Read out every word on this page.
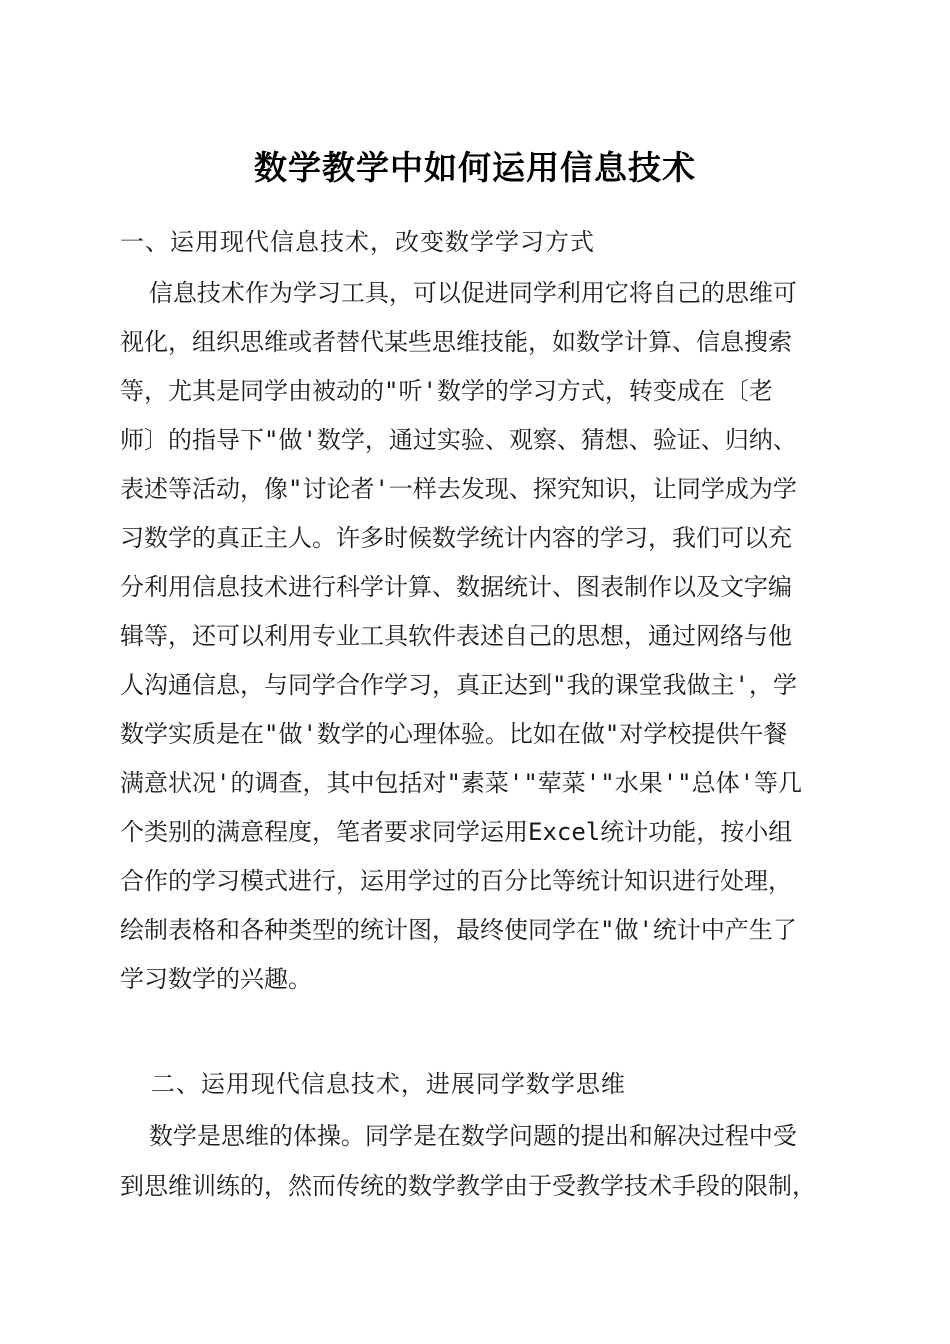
数学教学中如何运用信息技术
一、运用现代信息技术，改变数学学习方式
信息技术作为学习工具，可以促进同学利用它将自己的思维可
视化，组织思维或者替代某些思维技能，如数学计算、信息搜索
等，尤其是同学由被动的"听'数学的学习方式，转变成在〔老
师〕的指导下"做'数学，通过实验、观察、猜想、验证、归纳、
表述等活动，像"讨论者'一样去发现、探究知识，让同学成为学
习数学的真正主人。许多时候数学统计内容的学习，我们可以充
分利用信息技术进行科学计算、数据统计、图表制作以及文字编
辑等，还可以利用专业工具软件表述自己的思想，通过网络与他
人沟通信息，与同学合作学习，真正达到"我的课堂我做主'，学
数学实质是在"做'数学的心理体验。比如在做"对学校提供午餐
满意状况'的调查，其中包括对"素菜'"荤菜'"水果'"总体'等几
个类别的满意程度，笔者要求同学运用Excel统计功能，按小组
合作的学习模式进行，运用学过的百分比等统计知识进行处理，
绘制表格和各种类型的统计图，最终使同学在"做'统计中产生了
学习数学的兴趣。
二、运用现代信息技术，进展同学数学思维
数学是思维的体操。同学是在数学问题的提出和解决过程中受
到思维训练的，然而传统的数学教学由于受教学技术手段的限制，
